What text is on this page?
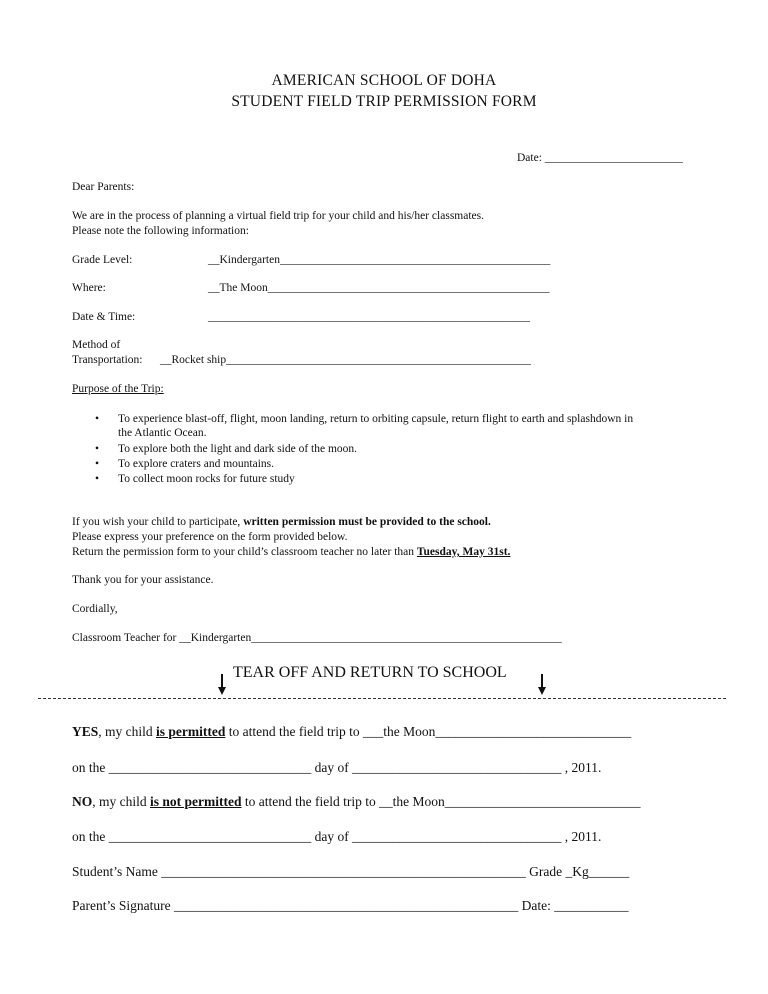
AMERICAN SCHOOL OF DOHA
STUDENT FIELD TRIP PERMISSION FORM
Date: ________________________
Dear Parents:
We are in the process of planning a virtual field trip for your child and his/her classmates.
Please note the following information:
Grade Level:	__Kindergarten_______________________________________________
Where:	__The Moon_________________________________________________
Date & Time:	________________________________________________________
Method of
Transportation: __Rocket ship_____________________________________________________
Purpose of the Trip:
• To experience blast-off, flight, moon landing, return to orbiting capsule, return flight to earth and splashdown in
the Atlantic Ocean.
• To explore both the light and dark side of the moon.
• To explore craters and mountains.
• To collect moon rocks for future study
If you wish your child to participate, written permission must be provided to the school.
Please express your preference on the form provided below.
Return the permission form to your child’s classroom teacher no later than Tuesday, May 31st.
Thank you for your assistance.
Cordially,
Classroom Teacher for __Kindergarten______________________________________________________
TEAR OFF AND RETURN TO SCHOOL
YES, my child is permitted to attend the field trip to ___the Moon_____________________________
on the ______________________________ day of _______________________________ , 2011.
NO, my child is not permitted to attend the field trip to __the Moon_____________________________
on the ______________________________ day of _______________________________ , 2011.
Student’s Name ______________________________________________________ Grade _Kg______
Parent’s Signature ___________________________________________________ Date: ___________
